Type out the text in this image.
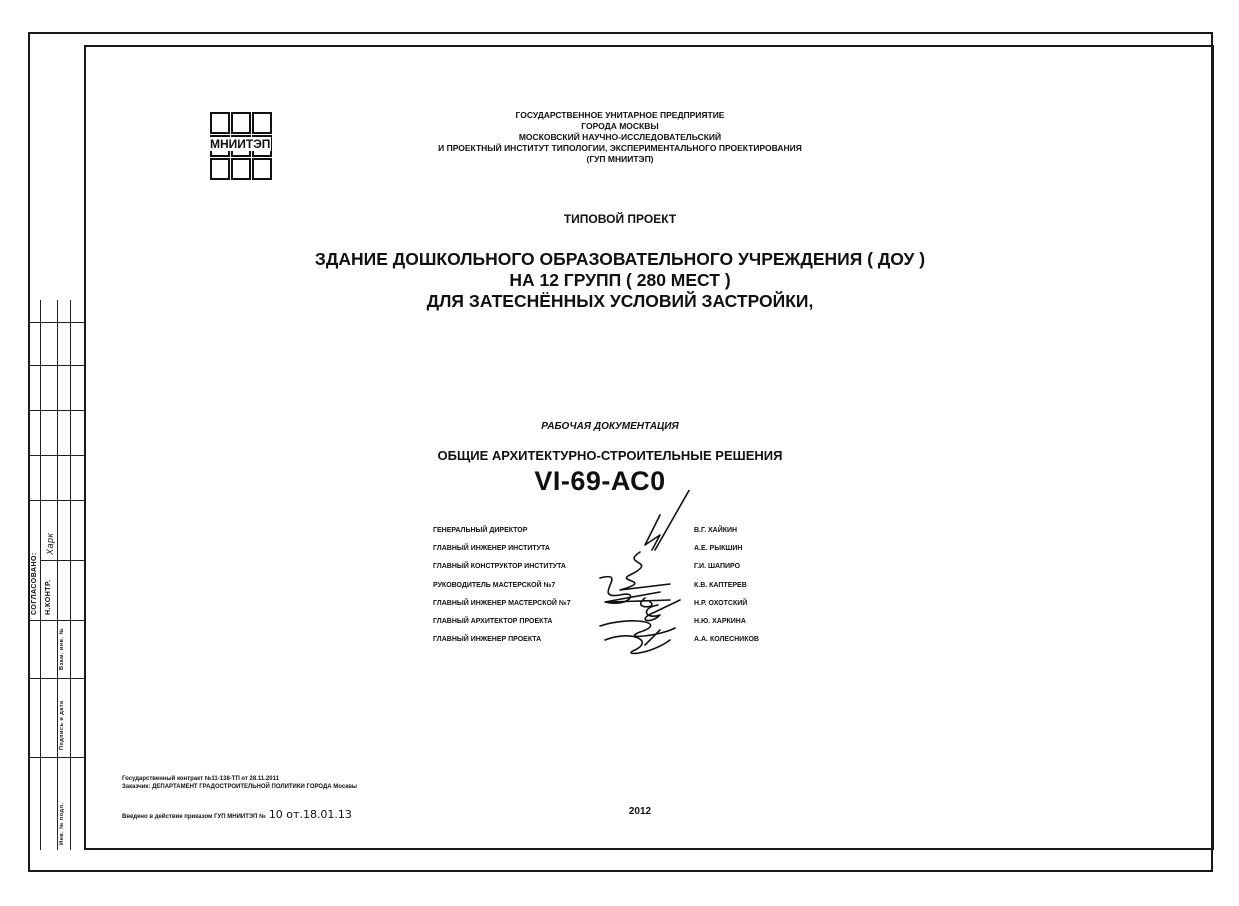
СОГЛАСОВАНО: Н.КОНТР.
Харк
Взам. инв. №
Подпись и дата
Инв. № подл.
МНИИТЭП
ГОСУДАРСТВЕННОЕ УНИТАРНОЕ ПРЕДПРИЯТИЕ
ГОРОДА МОСКВЫ
МОСКОВСКИЙ НАУЧНО-ИССЛЕДОВАТЕЛЬСКИЙ
И ПРОЕКТНЫЙ ИНСТИТУТ ТИПОЛОГИИ, ЭКСПЕРИМЕНТАЛЬНОГО ПРОЕКТИРОВАНИЯ
(ГУП МНИИТЭП)
ТИПОВОЙ ПРОЕКТ
ЗДАНИЕ ДОШКОЛЬНОГО ОБРАЗОВАТЕЛЬНОГО УЧРЕЖДЕНИЯ ( ДОУ )
НА 12 ГРУПП ( 280 МЕСТ )
ДЛЯ ЗАТЕСНЁННЫХ УСЛОВИЙ ЗАСТРОЙКИ,
РАБОЧАЯ ДОКУМЕНТАЦИЯ
ОБЩИЕ АРХИТЕКТУРНО-СТРОИТЕЛЬНЫЕ РЕШЕНИЯ
VI-69-АС0
ГЕНЕРАЛЬНЫЙ ДИРЕКТОР
ГЛАВНЫЙ ИНЖЕНЕР ИНСТИТУТА
ГЛАВНЫЙ КОНСТРУКТОР ИНСТИТУТА
РУКОВОДИТЕЛЬ МАСТЕРСКОЙ №7
ГЛАВНЫЙ ИНЖЕНЕР МАСТЕРСКОЙ №7
ГЛАВНЫЙ АРХИТЕКТОР ПРОЕКТА
ГЛАВНЫЙ ИНЖЕНЕР ПРОЕКТА
В.Г. ХАЙКИН
А.Е. РЫКШИН
Г.И. ШАПИРО
К.В. КАПТЕРЕВ
Н.Р. ОХОТСКИЙ
Н.Ю. ХАРКИНА
А.А. КОЛЕСНИКОВ
Государственный контракт №11-138-ТП от 28.11.2011
Заказчик: ДЕПАРТАМЕНТ ГРАДОСТРОИТЕЛЬНОЙ ПОЛИТИКИ ГОРОДА Москвы
Введено в действие приказом ГУП МНИИТЭП № 10 от.18.01.13	2012
